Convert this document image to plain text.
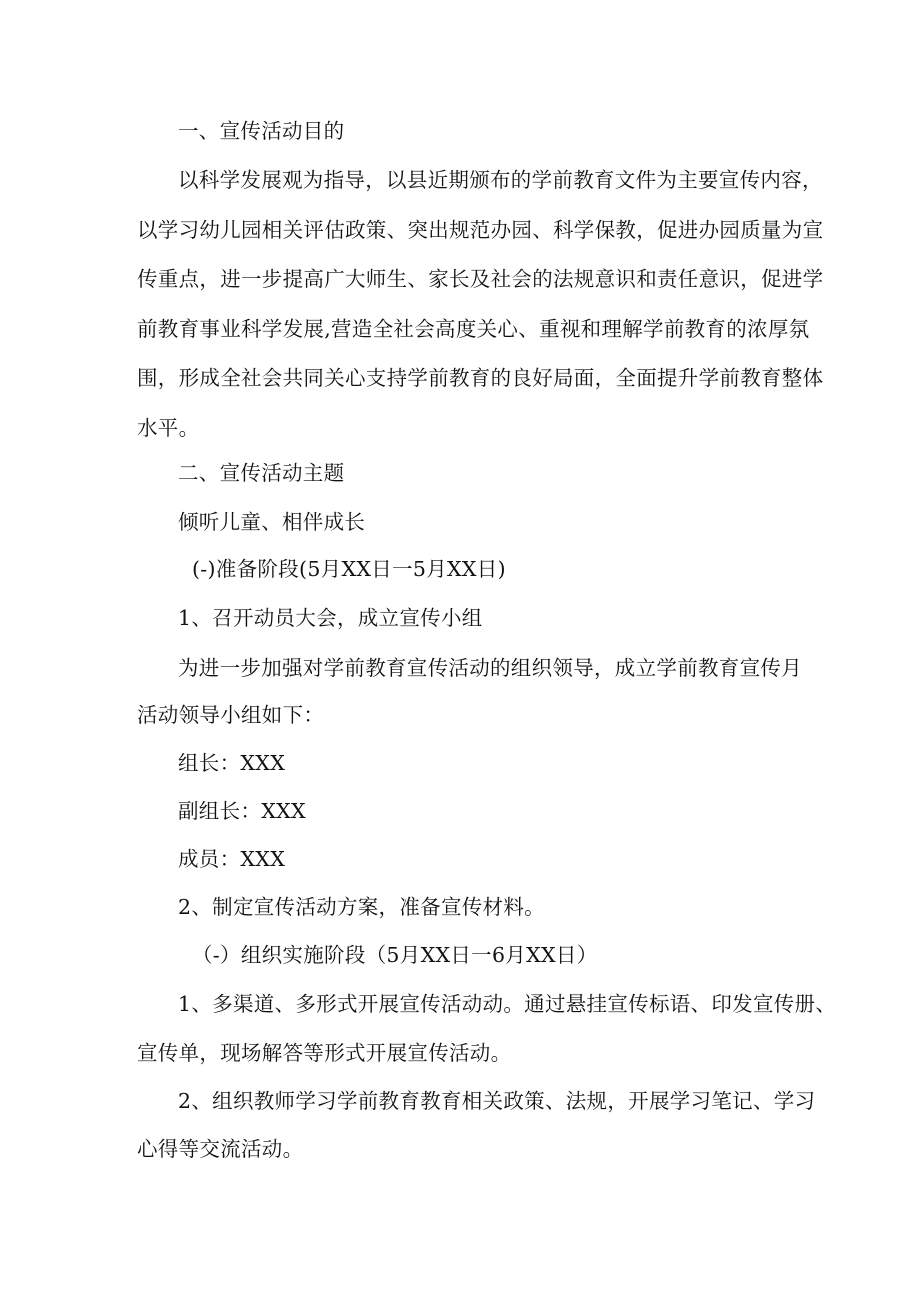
一、宣传活动目的
以科学发展观为指导，以县近期颁布的学前教育文件为主要宣传内容，
以学习幼儿园相关评估政策、突出规范办园、科学保教，促进办园质量为宣
传重点，进一步提高广大师生、家长及社会的法规意识和责任意识，促进学
前教育事业科学发展,营造全社会高度关心、重视和理解学前教育的浓厚氛
围，形成全社会共同关心支持学前教育的良好局面，全面提升学前教育整体
水平。
二、宣传活动主题
倾听儿童、相伴成长
(-)准备阶段(5月XX日一5月XX日)
1、召开动员大会，成立宣传小组
为进一步加强对学前教育宣传活动的组织领导，成立学前教育宣传月
活动领导小组如下：
组长：XXX
副组长：XXX
成员：XXX
2、制定宣传活动方案，准备宣传材料。
（-）组织实施阶段（5月XX日一6月XX日）
1、多渠道、多形式开展宣传活动动。通过悬挂宣传标语、印发宣传册、
宣传单，现场解答等形式开展宣传活动。
2、组织教师学习学前教育教育相关政策、法规，开展学习笔记、学习
心得等交流活动。
